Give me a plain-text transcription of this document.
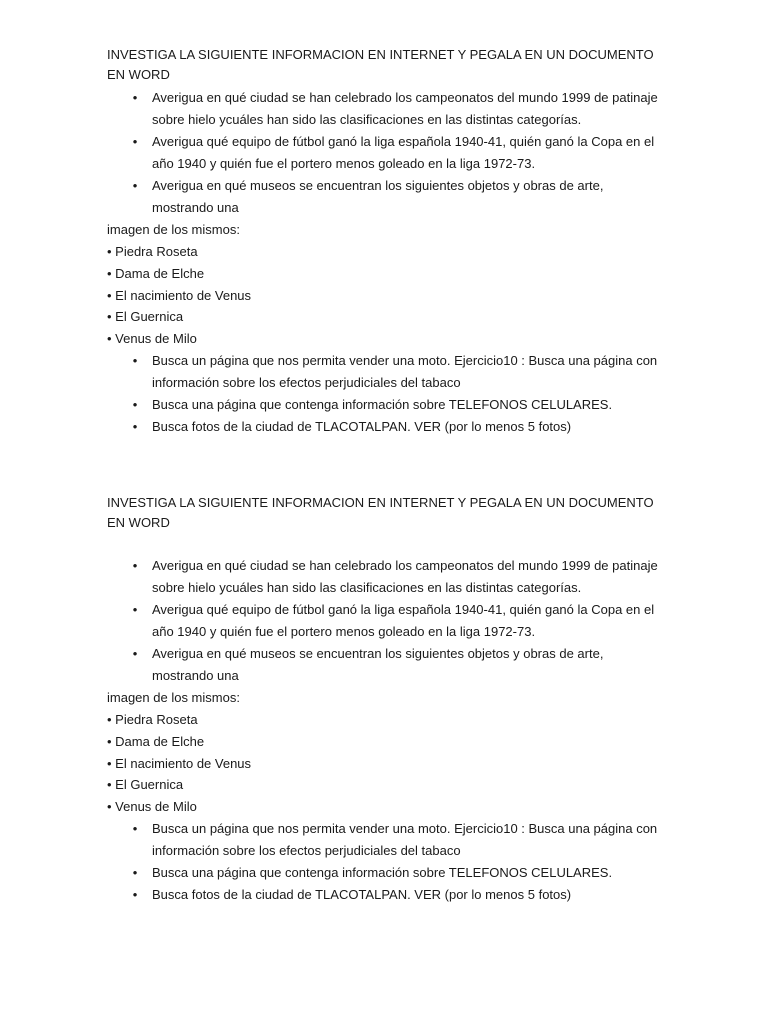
INVESTIGA LA SIGUIENTE INFORMACION EN INTERNET Y PEGALA EN UN DOCUMENTO EN WORD

• Averigua en qué ciudad se han celebrado los campeonatos del mundo 1999 de patinaje sobre hielo ycuáles han sido las clasificaciones en las distintas categorías.
• Averigua qué equipo de fútbol ganó la liga española 1940-41, quién ganó la Copa en el año 1940 y quién fue el portero menos goleado en la liga 1972-73.
• Averigua en qué museos se encuentran los siguientes objetos y obras de arte, mostrando una

imagen de los mismos:

• Piedra Roseta
• Dama de Elche
• El nacimiento de Venus
• El Guernica
• Venus de Milo
• Busca un página que nos permita vender una moto. Ejercicio10 : Busca una página con información sobre los efectos perjudiciales del tabaco
• Busca una página que contenga información sobre TELEFONOS CELULARES.
• Busca fotos de la ciudad de TLACOTALPAN. VER (por lo menos 5 fotos)

INVESTIGA LA SIGUIENTE INFORMACION EN INTERNET Y PEGALA EN UN DOCUMENTO EN WORD

• Averigua en qué ciudad se han celebrado los campeonatos del mundo 1999 de patinaje sobre hielo ycuáles han sido las clasificaciones en las distintas categorías.
• Averigua qué equipo de fútbol ganó la liga española 1940-41, quién ganó la Copa en el año 1940 y quién fue el portero menos goleado en la liga 1972-73.
• Averigua en qué museos se encuentran los siguientes objetos y obras de arte, mostrando una

imagen de los mismos:

• Piedra Roseta
• Dama de Elche
• El nacimiento de Venus
• El Guernica
• Venus de Milo
• Busca un página que nos permita vender una moto. Ejercicio10 : Busca una página con información sobre los efectos perjudiciales del tabaco
• Busca una página que contenga información sobre TELEFONOS CELULARES.
• Busca fotos de la ciudad de TLACOTALPAN. VER (por lo menos 5 fotos)
